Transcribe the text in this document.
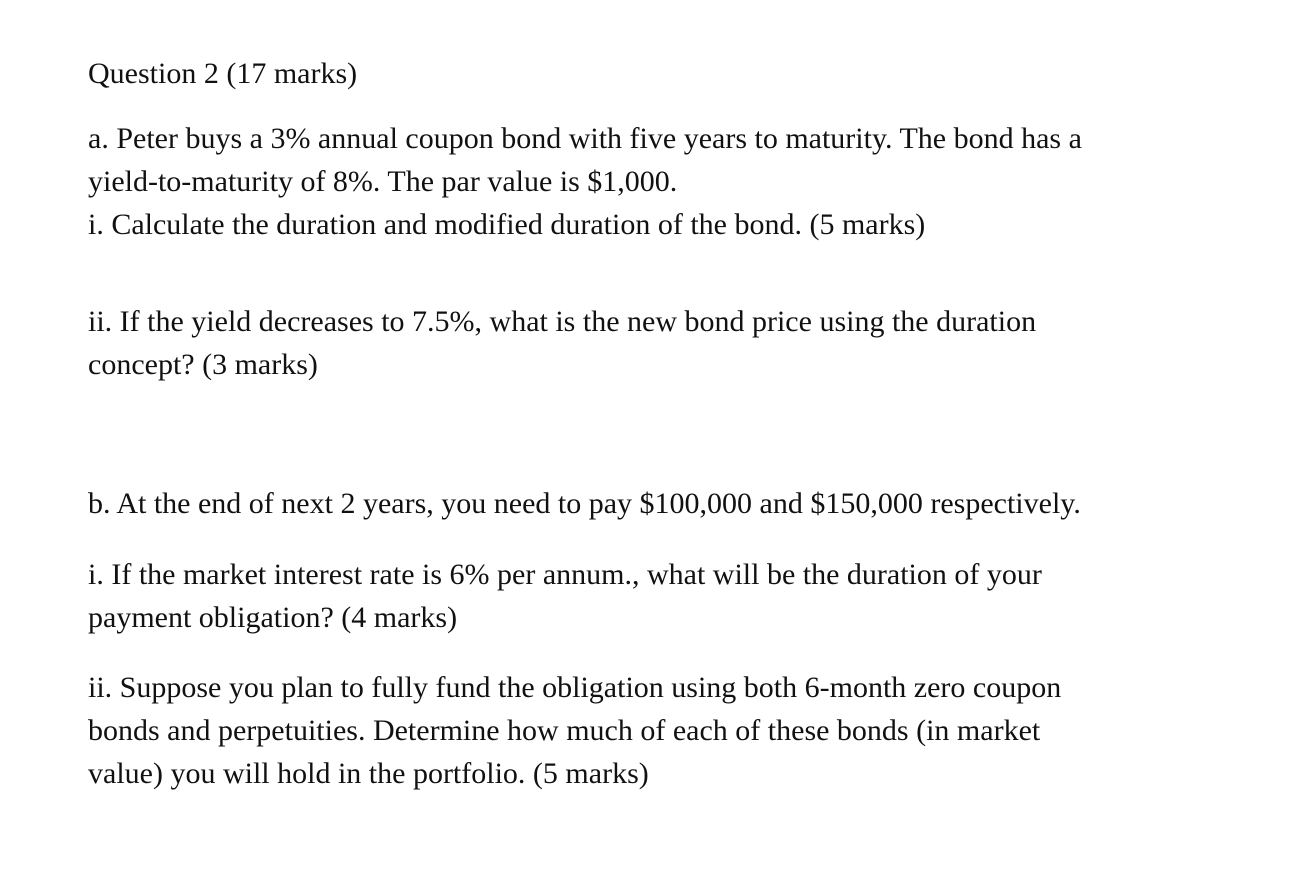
Question 2 (17 marks)

a. Peter buys a 3% annual coupon bond with five years to maturity. The bond has a
yield-to-maturity of 8%. The par value is $1,000.

i. Calculate the duration and modified duration of the bond. (5 marks)

ii. If the yield decreases to 7.5%, what is the new bond price using the duration
concept? (3 marks)

b. At the end of next 2 years, you need to pay $100,000 and $150,000 respectively.

i. If the market interest rate is 6% per annum., what will be the duration of your
payment obligation? (4 marks)

ii. Suppose you plan to fully fund the obligation using both 6-month zero coupon
bonds and perpetuities. Determine how much of each of these bonds (in market
value) you will hold in the portfolio. (5 marks)
